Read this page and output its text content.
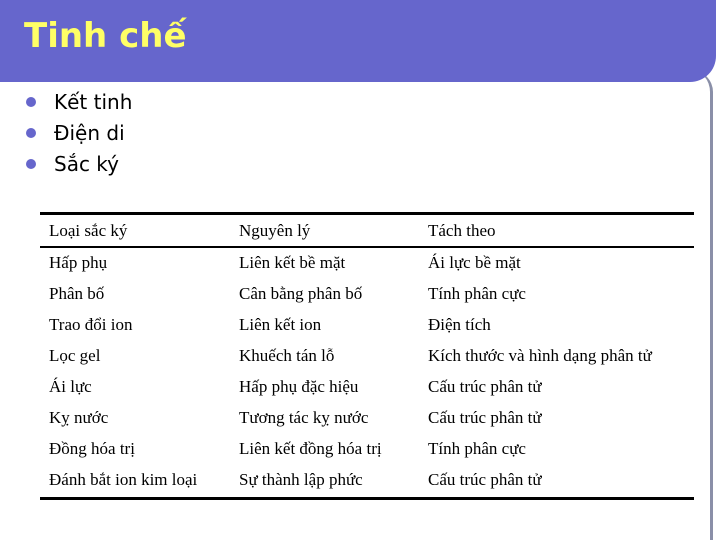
Tinh chế
Kết tinh
Điện di
Sắc ký
Loại sắc ký	Nguyên lý	Tách theo
Hấp phụ	Liên kết bề mặt	Ái lực bề mặt
Phân bố	Cân bằng phân bố	Tính phân cực
Trao đổi ion	Liên kết ion	Điện tích
Lọc gel	Khuếch tán lỗ	Kích thước và hình dạng phân tử
Ái lực	Hấp phụ đặc hiệu	Cấu trúc phân tử
Kỵ nước	Tương tác kỵ nước	Cấu trúc phân tử
Đồng hóa trị	Liên kết đồng hóa trị	Tính phân cực
Đánh bắt ion kim loại	Sự thành lập phức	Cấu trúc phân tử
